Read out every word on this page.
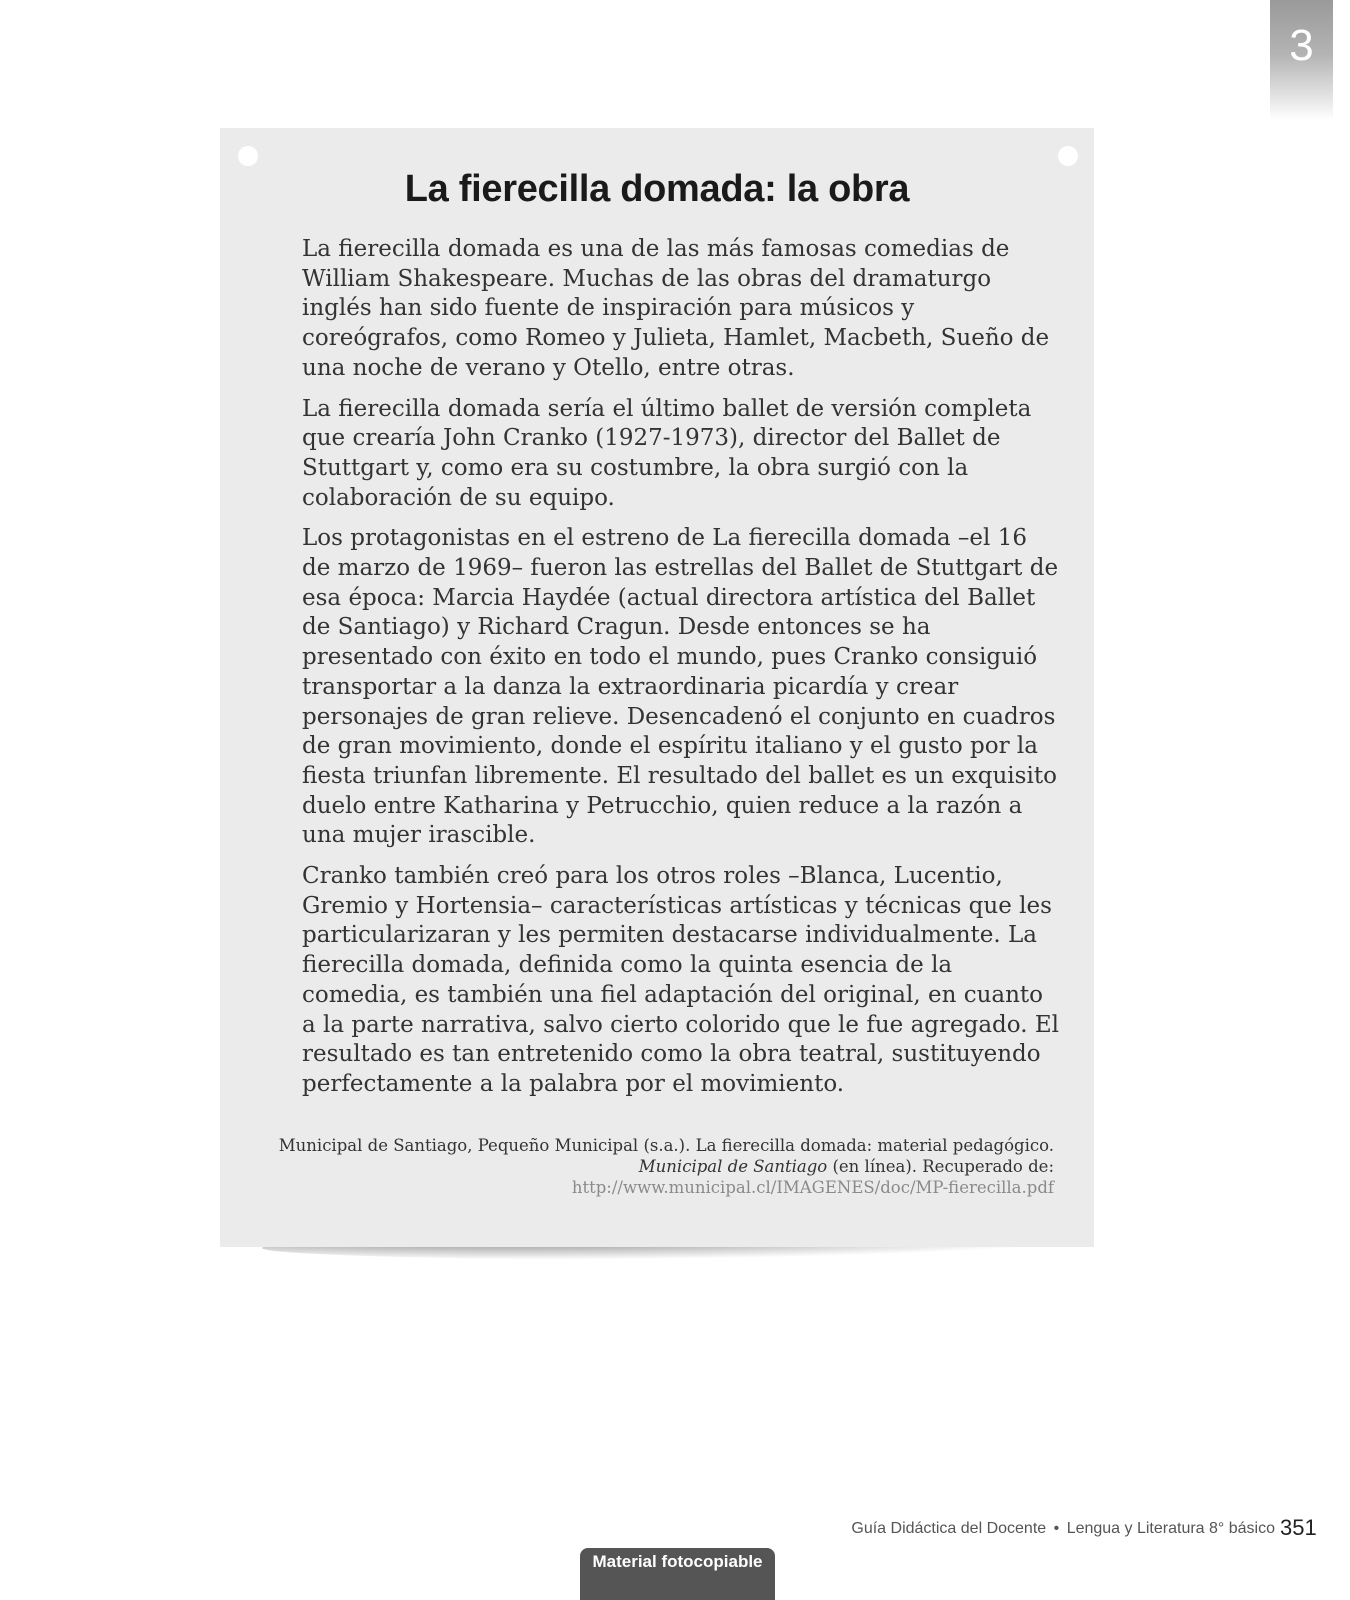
3
La fierecilla domada: la obra

La fierecilla domada es una de las más famosas comedias de William Shakespeare. Muchas de las obras del dramaturgo inglés han sido fuente de inspiración para músicos y coreógrafos, como Romeo y Julieta, Hamlet, Macbeth, Sueño de una noche de verano y Otello, entre otras.

La fierecilla domada sería el último ballet de versión completa que crearía John Cranko (1927-1973), director del Ballet de Stuttgart y, como era su costumbre, la obra surgió con la colaboración de su equipo.

Los protagonistas en el estreno de La fierecilla domada –el 16 de marzo de 1969– fueron las estrellas del Ballet de Stuttgart de esa época: Marcia Haydée (actual directora artística del Ballet de Santiago) y Richard Cragun. Desde entonces se ha presentado con éxito en todo el mundo, pues Cranko consiguió transportar a la danza la extraordinaria picardía y crear personajes de gran relieve. Desencadenó el conjunto en cuadros de gran movimiento, donde el espíritu italiano y el gusto por la fiesta triunfan libremente. El resultado del ballet es un exquisito duelo entre Katharina y Petrucchio, quien reduce a la razón a una mujer irascible.

Cranko también creó para los otros roles –Blanca, Lucentio, Gremio y Hortensia– características artísticas y técnicas que les particularizaran y les permiten destacarse individualmente. La fierecilla domada, definida como la quinta esencia de la comedia, es también una fiel adaptación del original, en cuanto a la parte narrativa, salvo cierto colorido que le fue agregado. El resultado es tan entretenido como la obra teatral, sustituyendo perfectamente a la palabra por el movimiento.

Municipal de Santiago, Pequeño Municipal (s.a.). La fierecilla domada: material pedagógico.
Municipal de Santiago (en línea). Recuperado de:
http://www.municipal.cl/IMAGENES/doc/MP-fierecilla.pdf
Guía Didáctica del Docente • Lengua y Literatura 8° básico 351
Material fotocopiable
